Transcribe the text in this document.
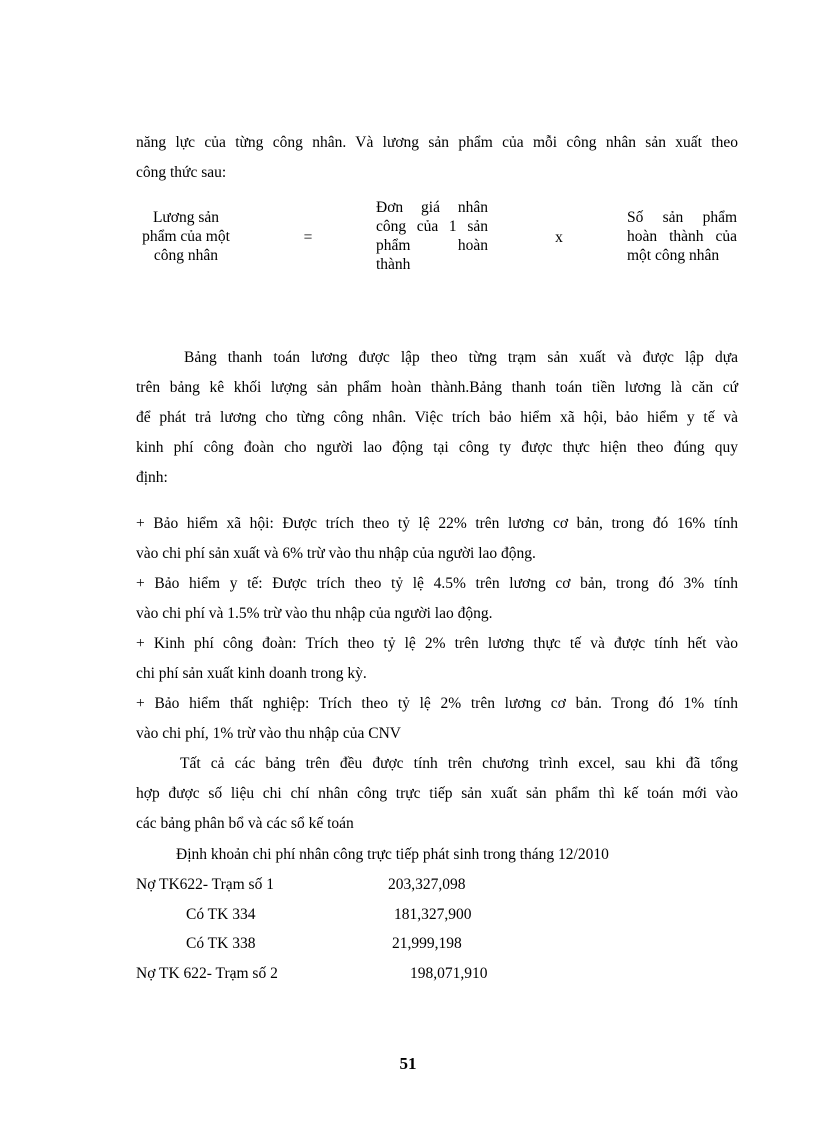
năng lực của từng công nhân. Và lương sản phẩm của mỗi công nhân sản xuất theo
công thức sau:
Lương sản
phẩm của một
công nhân
=
Đơn giá nhân
công của 1 sản
phẩm hoàn
thành
x
Số sản phẩm
hoàn thành của
một công nhân
Bảng thanh toán lương được lập theo từng trạm sản xuất và được lập dựa
trên bảng kê khối lượng sản phẩm hoàn thành.Bảng thanh toán tiền lương là căn cứ
để phát trả lương cho từng công nhân. Việc trích bảo hiểm xã hội, bảo hiểm y tế và
kinh phí công đoàn cho người lao động tại công ty được thực hiện theo đúng quy
định:
+ Bảo hiểm xã hội: Được trích theo tỷ lệ 22% trên lương cơ bản, trong đó 16% tính
vào chi phí sản xuất và 6% trừ vào thu nhập của người lao động.
+ Bảo hiểm y tế: Được trích theo tỷ lệ 4.5% trên lương cơ bản, trong đó 3% tính
vào chi phí và 1.5% trừ vào thu nhập của người lao động.
+ Kinh phí công đoàn: Trích theo tỷ lệ 2% trên lương thực tế và được tính hết vào
chi phí sản xuất kinh doanh trong kỳ.
+ Bảo hiểm thất nghiệp: Trích theo tỷ lệ 2% trên lương cơ bản. Trong đó 1% tính
vào chi phí, 1% trừ vào thu nhập của CNV
Tất cả các bảng trên đều được tính trên chương trình excel, sau khi đã tổng
hợp được số liệu chi chí nhân công trực tiếp sản xuất sản phẩm thì kế toán mới vào
các bảng phân bổ và các sổ kế toán
Định khoản chi phí nhân công trực tiếp phát sinh trong tháng 12/2010
Nợ TK622- Trạm số 1	203,327,098
Có TK 334	181,327,900
Có TK 338	21,999,198
Nợ TK 622- Trạm số 2	198,071,910
51
